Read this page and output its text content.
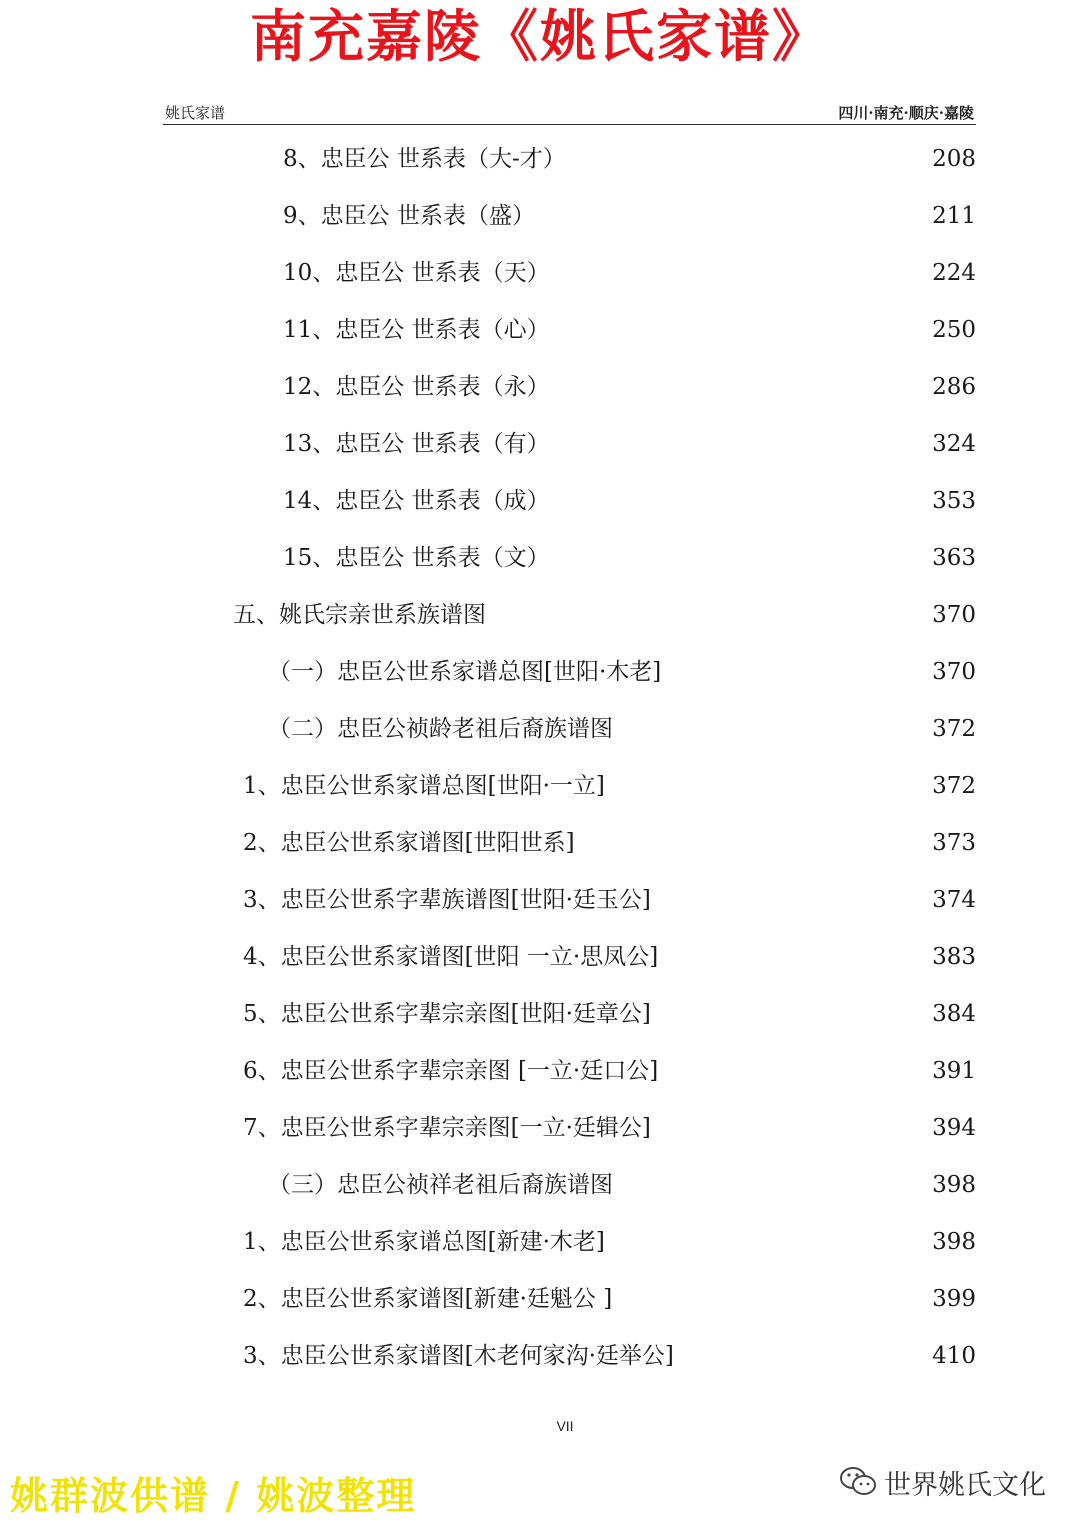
南充嘉陵《姚氏家谱》
姚氏家谱	四川·南充·顺庆·嘉陵
8、忠臣公 世系表（大-才）	208
9、忠臣公 世系表（盛）	211
10、忠臣公 世系表（天）	224
11、忠臣公 世系表（心）	250
12、忠臣公 世系表（永）	286
13、忠臣公 世系表（有）	324
14、忠臣公 世系表（成）	353
15、忠臣公 世系表（文）	363
五、姚氏宗亲世系族谱图	370
（一）忠臣公世系家谱总图[世阳·木老]	370
（二）忠臣公祯龄老祖后裔族谱图	372
1、忠臣公世系家谱总图[世阳·一立]	372
2、忠臣公世系家谱图[世阳世系]	373
3、忠臣公世系字辈族谱图[世阳·廷玉公]	374
4、忠臣公世系家谱图[世阳 一立·思凤公]	383
5、忠臣公世系字辈宗亲图[世阳·廷章公]	384
6、忠臣公世系字辈宗亲图 [一立·廷口公]	391
7、忠臣公世系字辈宗亲图[一立·廷辑公]	394
（三）忠臣公祯祥老祖后裔族谱图	398
1、忠臣公世系家谱总图[新建·木老]	398
2、忠臣公世系家谱图[新建·廷魁公 ]	399
3、忠臣公世系家谱图[木老何家沟·廷举公]	410
VII
姚群波供谱 / 姚波整理	世界姚氏文化
